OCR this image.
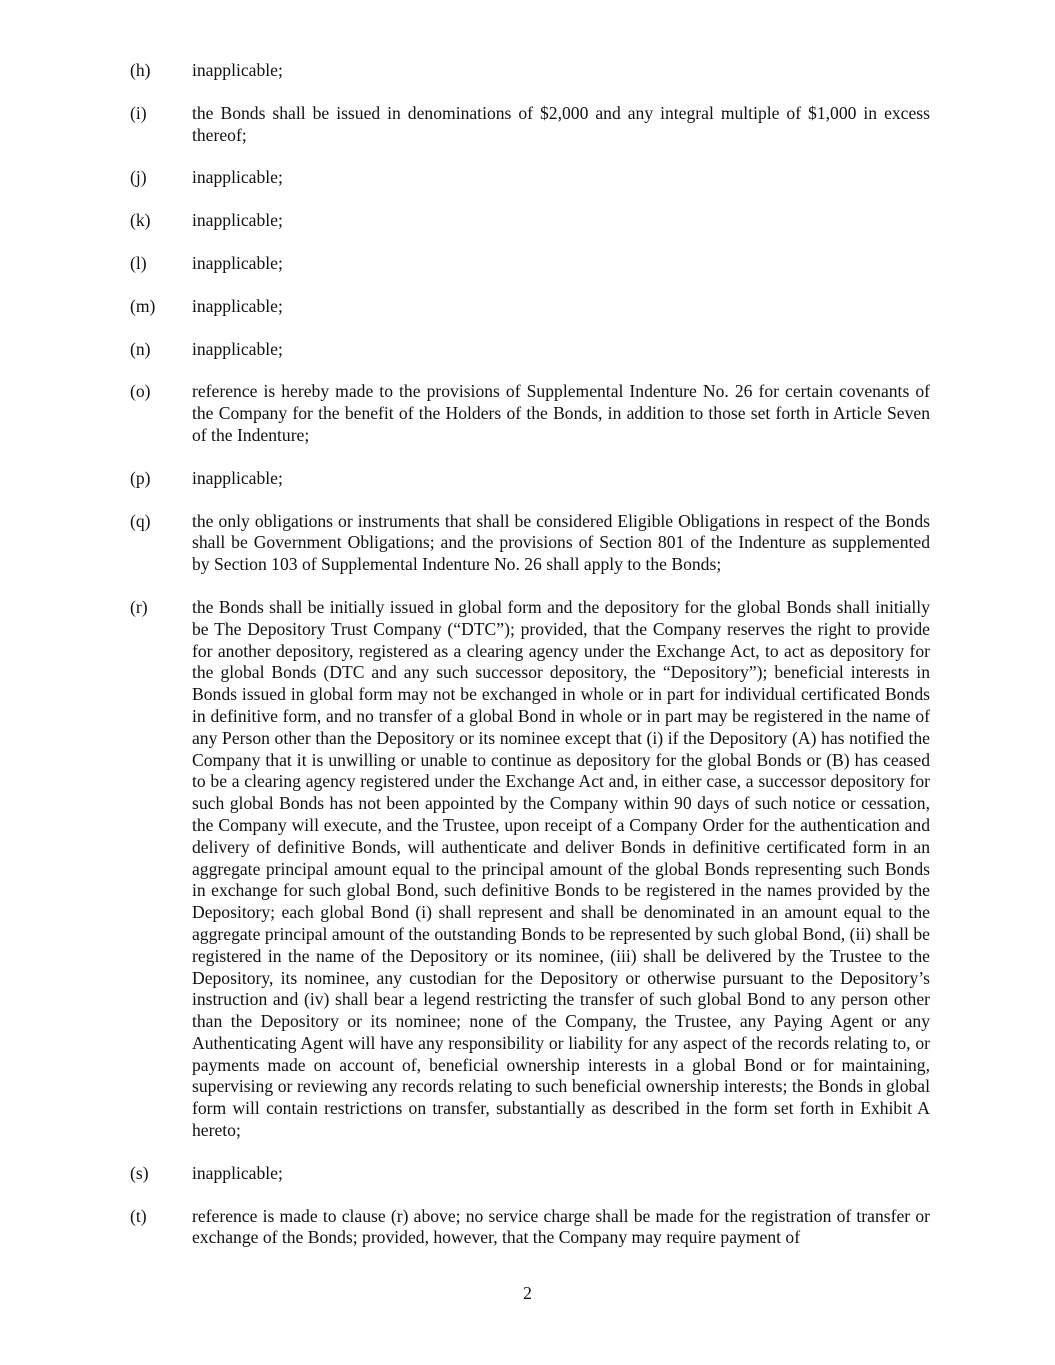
(h)	inapplicable;
(i)	the Bonds shall be issued in denominations of $2,000 and any integral multiple of $1,000 in excess thereof;
(j)	inapplicable;
(k)	inapplicable;
(l)	inapplicable;
(m)	inapplicable;
(n)	inapplicable;
(o)	reference is hereby made to the provisions of Supplemental Indenture No. 26 for certain covenants of the Company for the benefit of the Holders of the Bonds, in addition to those set forth in Article Seven of the Indenture;
(p)	inapplicable;
(q)	the only obligations or instruments that shall be considered Eligible Obligations in respect of the Bonds shall be Government Obligations; and the provisions of Section 801 of the Indenture as supplemented by Section 103 of Supplemental Indenture No. 26 shall apply to the Bonds;
(r)	the Bonds shall be initially issued in global form and the depository for the global Bonds shall initially be The Depository Trust Company (“DTC”); provided, that the Company reserves the right to provide for another depository, registered as a clearing agency under the Exchange Act, to act as depository for the global Bonds (DTC and any such successor depository, the “Depository”); beneficial interests in Bonds issued in global form may not be exchanged in whole or in part for individual certificated Bonds in definitive form, and no transfer of a global Bond in whole or in part may be registered in the name of any Person other than the Depository or its nominee except that (i) if the Depository (A) has notified the Company that it is unwilling or unable to continue as depository for the global Bonds or (B) has ceased to be a clearing agency registered under the Exchange Act and, in either case, a successor depository for such global Bonds has not been appointed by the Company within 90 days of such notice or cessation, the Company will execute, and the Trustee, upon receipt of a Company Order for the authentication and delivery of definitive Bonds, will authenticate and deliver Bonds in definitive certificated form in an aggregate principal amount equal to the principal amount of the global Bonds representing such Bonds in exchange for such global Bond, such definitive Bonds to be registered in the names provided by the Depository; each global Bond (i) shall represent and shall be denominated in an amount equal to the aggregate principal amount of the outstanding Bonds to be represented by such global Bond, (ii) shall be registered in the name of the Depository or its nominee, (iii) shall be delivered by the Trustee to the Depository, its nominee, any custodian for the Depository or otherwise pursuant to the Depository’s instruction and (iv) shall bear a legend restricting the transfer of such global Bond to any person other than the Depository or its nominee; none of the Company, the Trustee, any Paying Agent or any Authenticating Agent will have any responsibility or liability for any aspect of the records relating to, or payments made on account of, beneficial ownership interests in a global Bond or for maintaining, supervising or reviewing any records relating to such beneficial ownership interests; the Bonds in global form will contain restrictions on transfer, substantially as described in the form set forth in Exhibit A hereto;
(s)	inapplicable;
(t)	reference is made to clause (r) above; no service charge shall be made for the registration of transfer or exchange of the Bonds; provided, however, that the Company may require payment of
2
